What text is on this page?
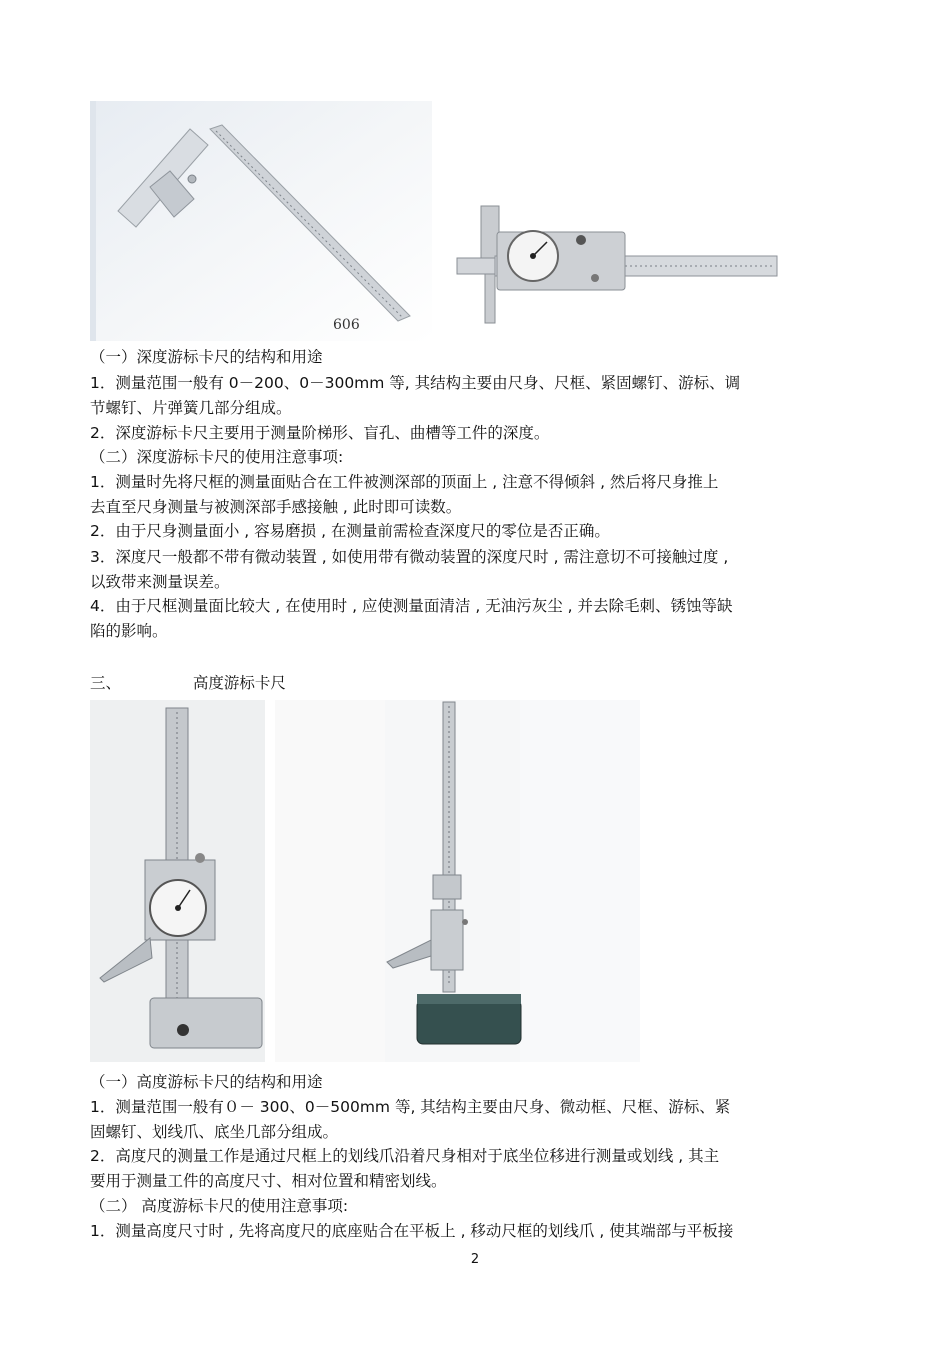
606
（一）深度游标卡尺的结构和用途
1．测量范围一般有 0－200、0－300mm 等, 其结构主要由尺身、尺框、紧固螺钉、游标、调
节螺钉、片弹簧几部分组成。
2．深度游标卡尺主要用于测量阶梯形、盲孔、曲槽等工件的深度。
（二）深度游标卡尺的使用注意事项:
1．测量时先将尺框的测量面贴合在工件被测深部的顶面上 , 注意不得倾斜 , 然后将尺身推上
去直至尺身测量与被测深部手感接触 , 此时即可读数。
2．由于尺身测量面小 , 容易磨损 , 在测量前需检查深度尺的零位是否正确。
3．深度尺一般都不带有微动装置 , 如使用带有微动装置的深度尺时 , 需注意切不可接触过度 ,
以致带来测量误差。
4．由于尺框测量面比较大 , 在使用时 , 应使测量面清洁 , 无油污灰尘 , 并去除毛刺、锈蚀等缺
陷的影响。
三、	高度游标卡尺
（一）高度游标卡尺的结构和用途
1．测量范围一般有０－ 300、0－500mm 等, 其结构主要由尺身、微动框、尺框、游标、紧
固螺钉、划线爪、底坐几部分组成。
2．高度尺的测量工作是通过尺框上的划线爪沿着尺身相对于底坐位移进行测量或划线 , 其主
要用于测量工件的高度尺寸、相对位置和精密划线。
（二） 高度游标卡尺的使用注意事项:
1．测量高度尺寸时 , 先将高度尺的底座贴合在平板上 , 移动尺框的划线爪 , 使其端部与平板接
2
